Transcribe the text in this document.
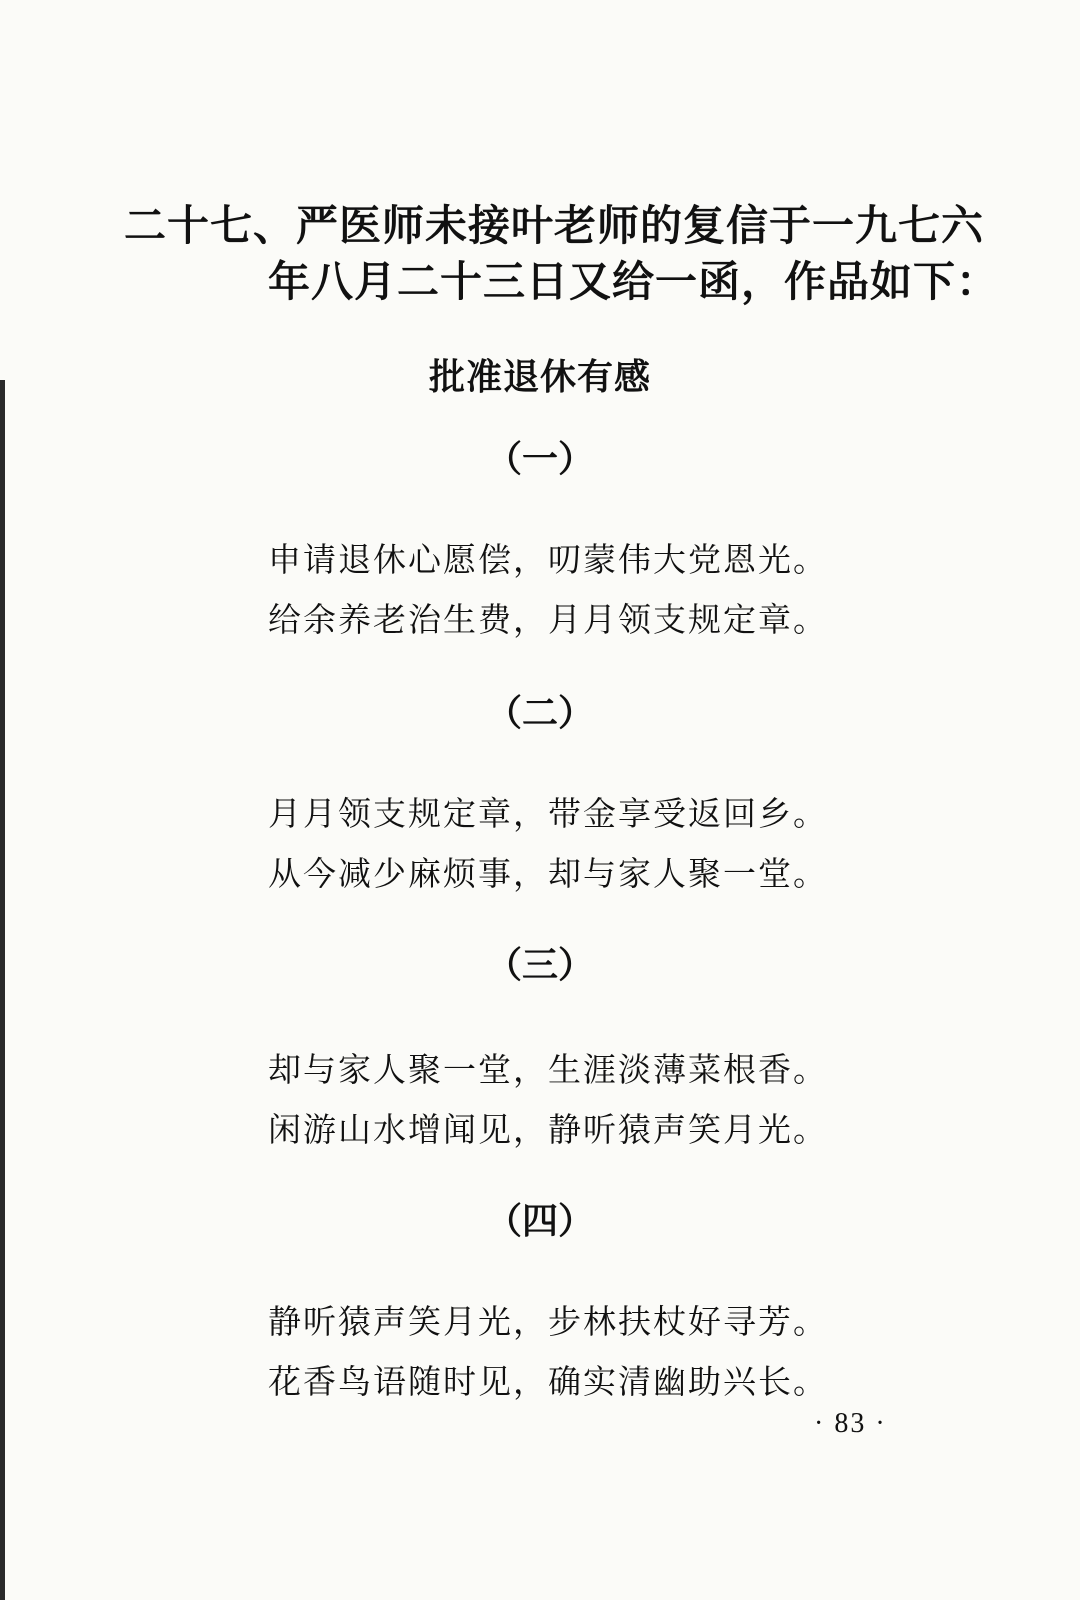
二十七、严医师未接叶老师的复信于一九七六
年八月二十三日又给一函，作品如下：
批准退休有感
（一）
申请退休心愿偿，叨蒙伟大党恩光。
给余养老治生费，月月领支规定章。
（二）
月月领支规定章，带金享受返回乡。
从今减少麻烦事，却与家人聚一堂。
（三）
却与家人聚一堂，生涯淡薄菜根香。
闲游山水增闻见，静听猿声笑月光。
（四）
静听猿声笑月光，步林扶杖好寻芳。
花香鸟语随时见，确实清幽助兴长。
· 83 ·
